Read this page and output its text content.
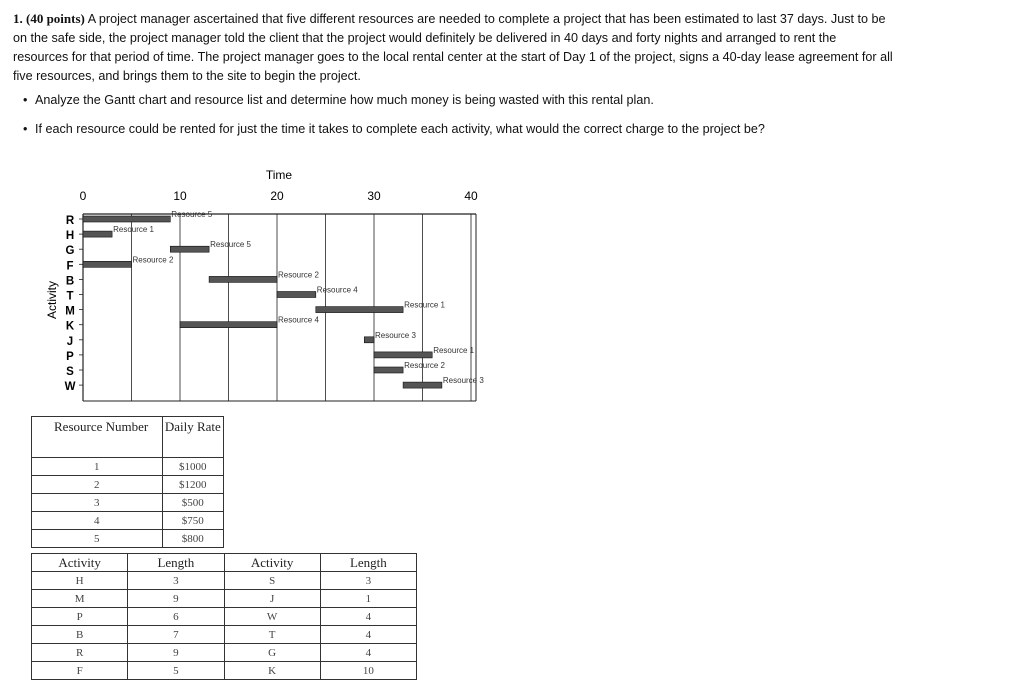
1. (40 points) A project manager ascertained that five different resources are needed to complete a project that has been estimated to last 37 days. Just to be on the safe side, the project manager told the client that the project would definitely be delivered in 40 days and forty nights and arranged to rent the resources for that period of time. The project manager goes to the local rental center at the start of Day 1 of the project, signs a 40-day lease agreement for all five resources, and brings them to the site to begin the project.
• Analyze the Gantt chart and resource list and determine how much money is being wasted with this rental plan.
• If each resource could be rented for just the time it takes to complete each activity, what would the correct charge to the project be?
Time
Activity
0	10	20	30	40
R
H
G
F
B
T
M
K
J
P
S
W
Resource 5
Resource 1
Resource 5
Resource 2
Resource 2
Resource 4
Resource 1
Resource 4
Resource 3
Resource 1
Resource 2
Resource 3
Resource Number	Daily Rate
1	$1000
2	$1200
3	$500
4	$750
5	$800
Activity	Length	Activity	Length
H	3	S	3
M	9	J	1
P	6	W	4
B	7	T	4
R	9	G	4
F	5	K	10
